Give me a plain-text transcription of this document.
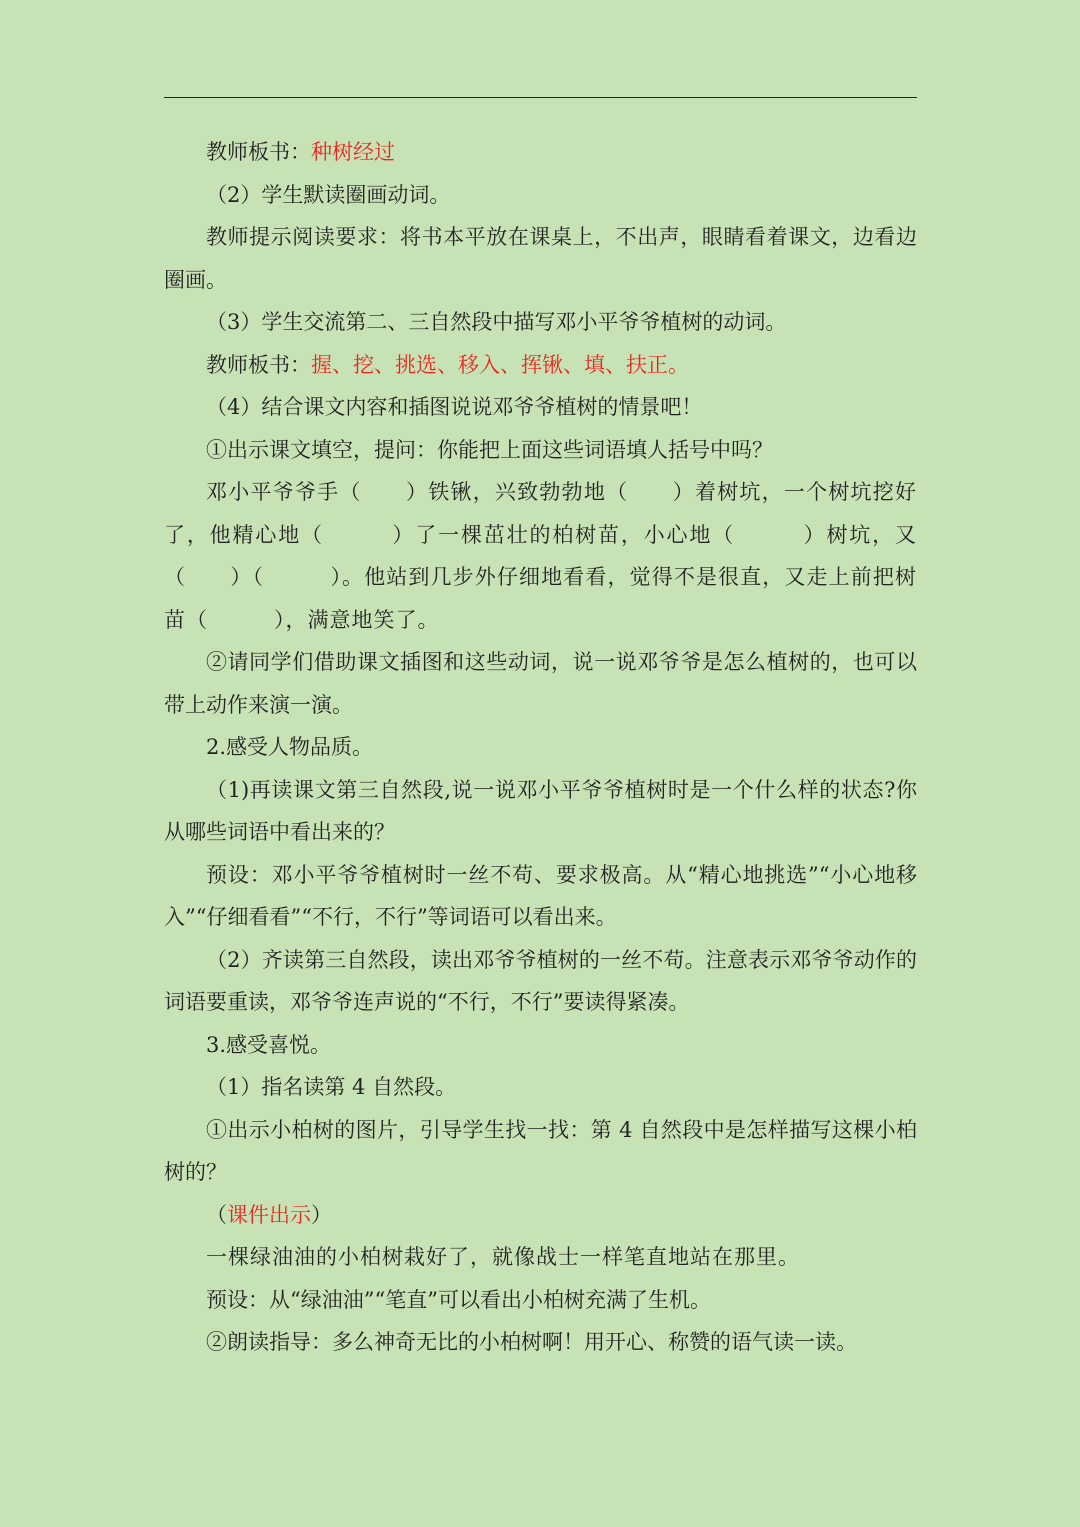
教师板书：种树经过

（2）学生默读圈画动词。

教师提示阅读要求：将书本平放在课桌上，不出声，眼睛看着课文，边看边圈画。

（3）学生交流第二、三自然段中描写邓小平爷爷植树的动词。

教师板书：握、挖、挑选、移入、挥锹、填、扶正。

（4）结合课文内容和插图说说邓爷爷植树的情景吧！

①出示课文填空，提问：你能把上面这些词语填人括号中吗？

邓小平爷爷手（　　）铁锹，兴致勃勃地（　　）着树坑，一个树坑挖好了，他精心地（　　　）了一棵茁壮的柏树苗，小心地（　　　）树坑，又（　　）（　　　）。他站到几步外仔细地看看，觉得不是很直，又走上前把树苗（　　　），满意地笑了。

②请同学们借助课文插图和这些动词，说一说邓爷爷是怎么植树的，也可以带上动作来演一演。

2.感受人物品质。

（1)再读课文第三自然段,说一说邓小平爷爷植树时是一个什么样的状态?你从哪些词语中看出来的？

预设：邓小平爷爷植树时一丝不苟、要求极高。从“精心地挑选”“小心地移入”“仔细看看”“不行，不行”等词语可以看出来。

（2）齐读第三自然段，读出邓爷爷植树的一丝不苟。注意表示邓爷爷动作的词语要重读，邓爷爷连声说的“不行，不行”要读得紧凑。

3.感受喜悦。

（1）指名读第 4 自然段。

①出示小柏树的图片，引导学生找一找：第 4 自然段中是怎样描写这棵小柏树的？

（课件出示）

一棵绿油油的小柏树栽好了，就像战士一样笔直地站在那里。

预设：从“绿油油”“笔直”可以看出小柏树充满了生机。

②朗读指导：多么神奇无比的小柏树啊！用开心、称赞的语气读一读。
